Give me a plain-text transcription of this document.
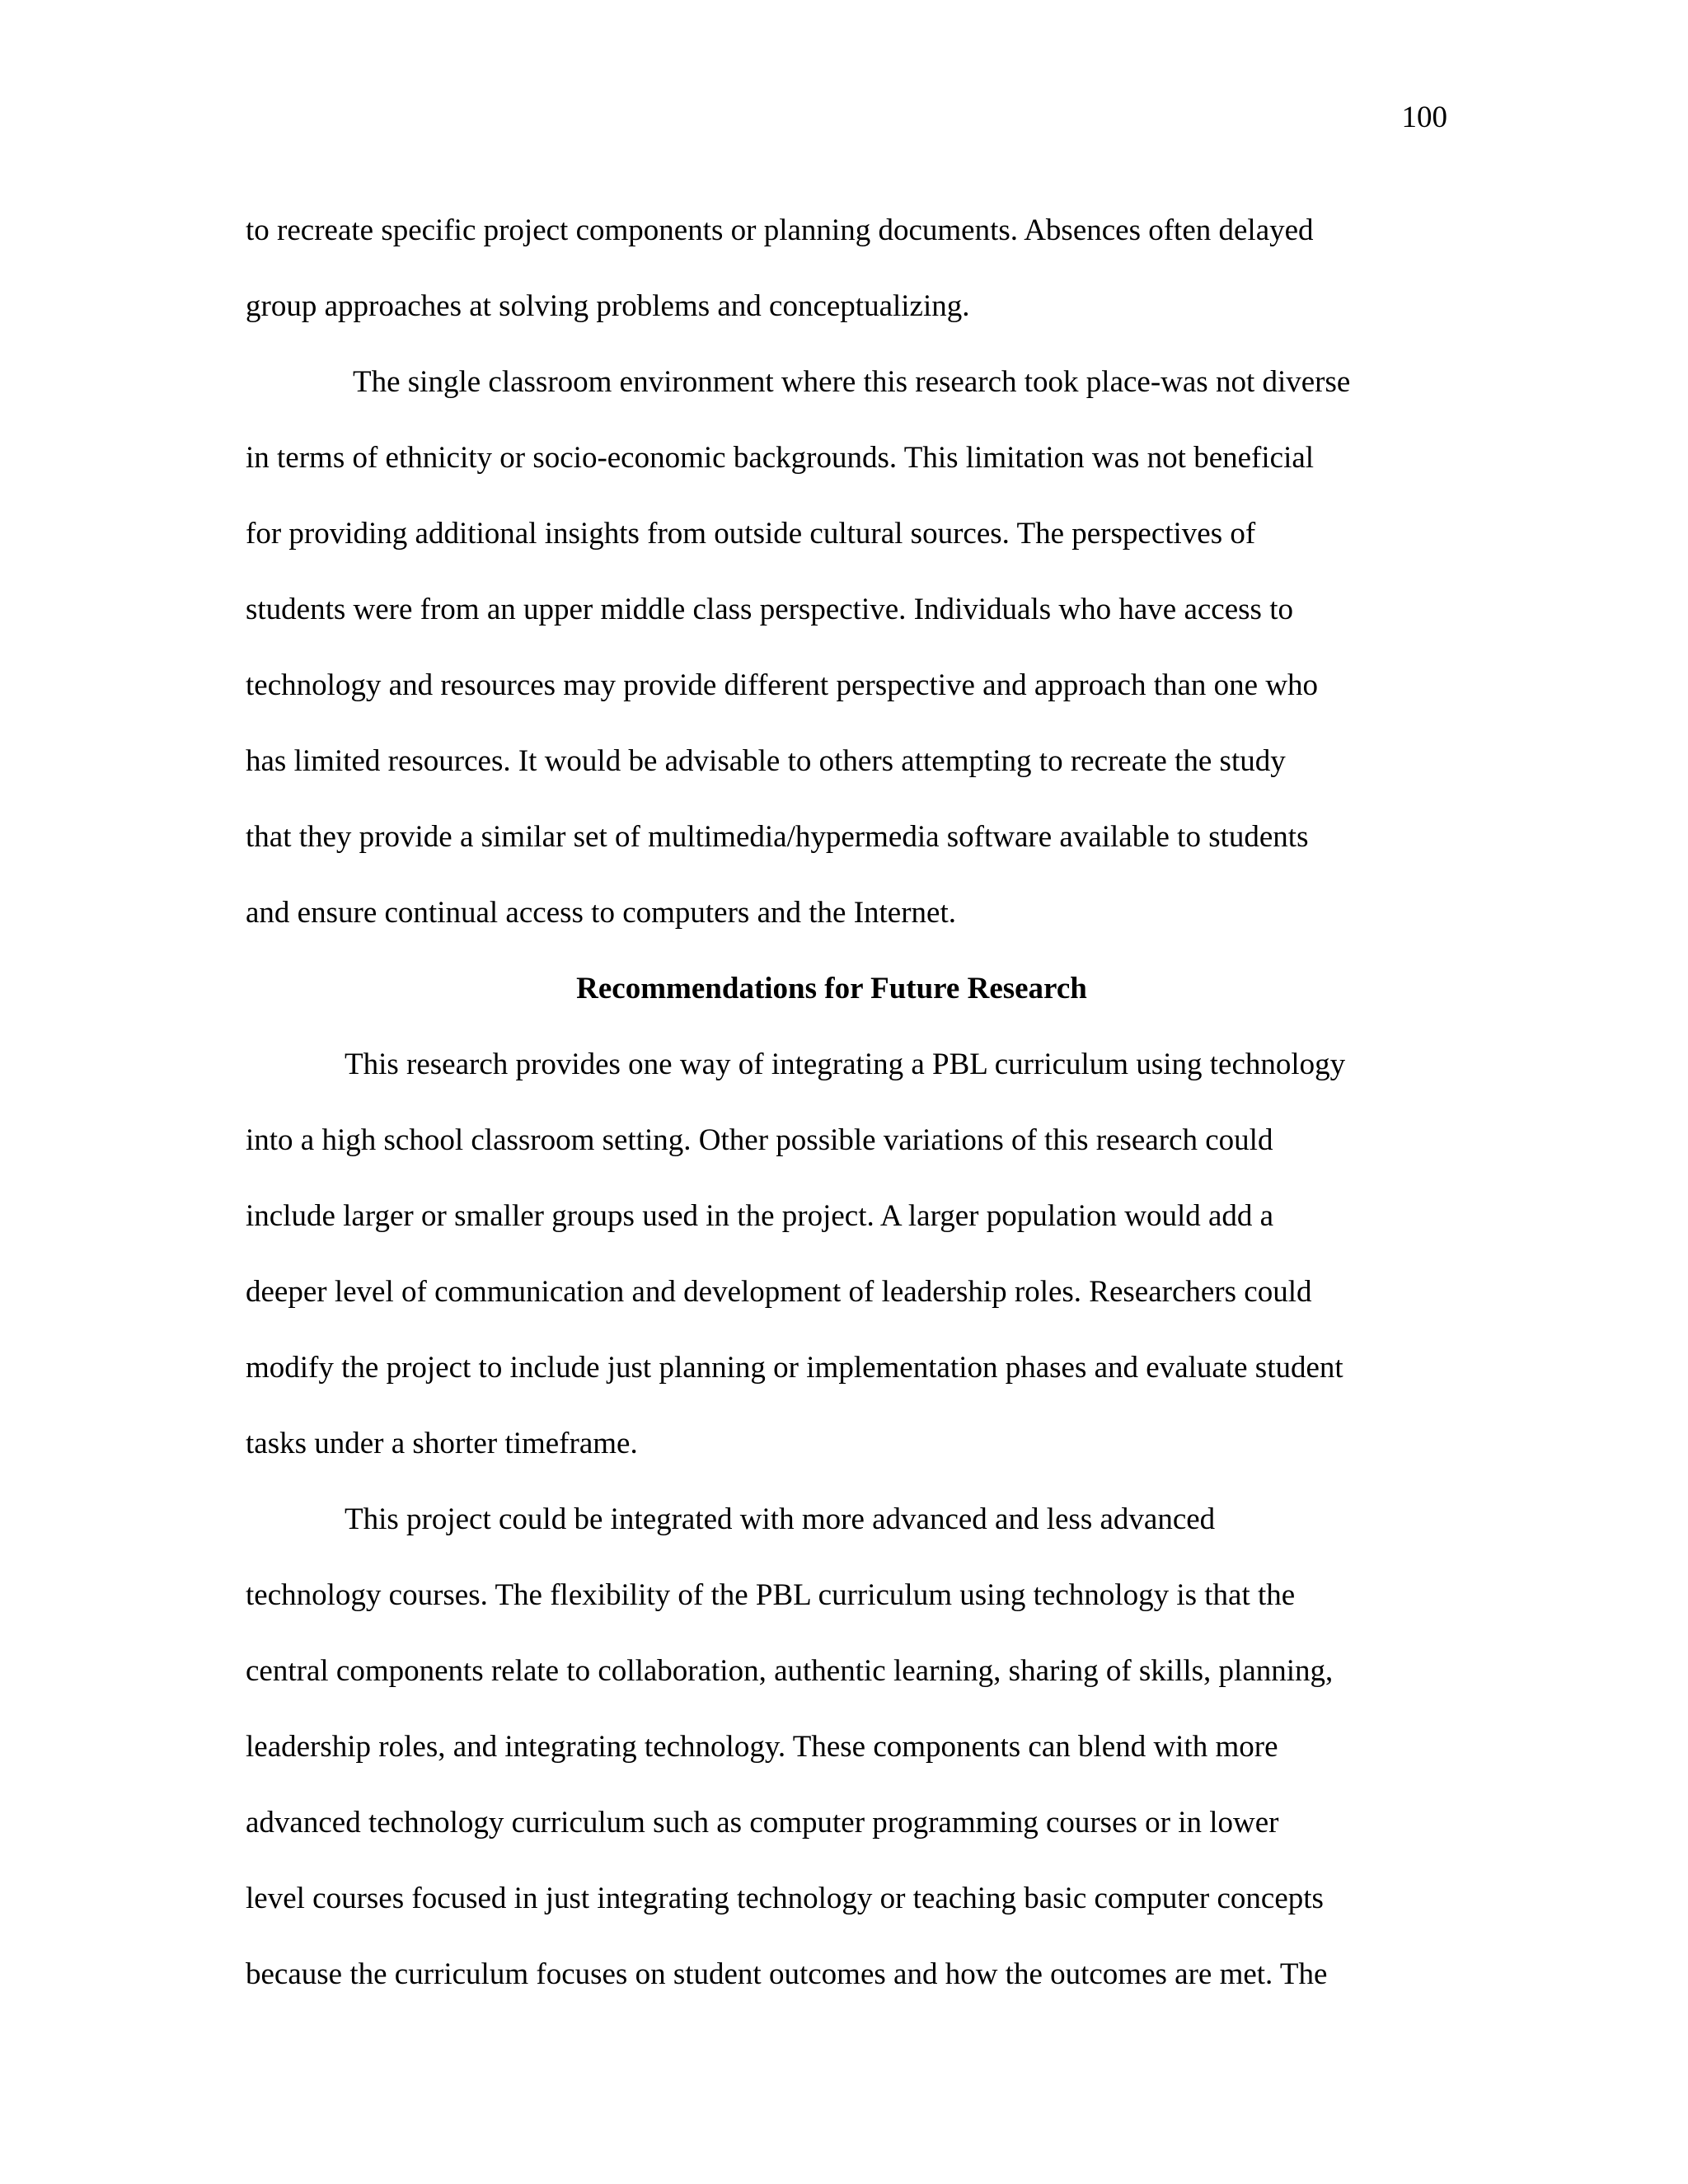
100

to recreate specific project components or planning documents. Absences often delayed
group approaches at solving problems and conceptualizing.
The single classroom environment where this research took place-was not diverse
in terms of ethnicity or socio-economic backgrounds. This limitation was not beneficial
for providing additional insights from outside cultural sources. The perspectives of
students were from an upper middle class perspective. Individuals who have access to
technology and resources may provide different perspective and approach than one who
has limited resources. It would be advisable to others attempting to recreate the study
that they provide a similar set of multimedia/hypermedia software available to students
and ensure continual access to computers and the Internet.
Recommendations for Future Research
This research provides one way of integrating a PBL curriculum using technology
into a high school classroom setting. Other possible variations of this research could
include larger or smaller groups used in the project. A larger population would add a
deeper level of communication and development of leadership roles. Researchers could
modify the project to include just planning or implementation phases and evaluate student
tasks under a shorter timeframe.
This project could be integrated with more advanced and less advanced
technology courses. The flexibility of the PBL curriculum using technology is that the
central components relate to collaboration, authentic learning, sharing of skills, planning,
leadership roles, and integrating technology. These components can blend with more
advanced technology curriculum such as computer programming courses or in lower
level courses focused in just integrating technology or teaching basic computer concepts
because the curriculum focuses on student outcomes and how the outcomes are met. The
